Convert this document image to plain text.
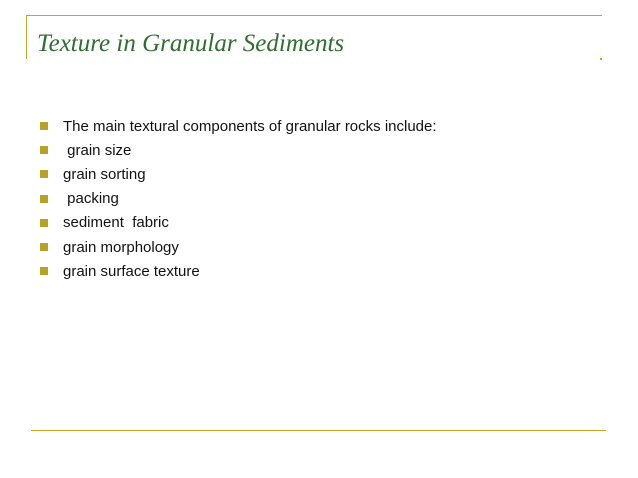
Texture in Granular Sediments
The main textural components of granular rocks include:
grain size
grain sorting
packing
sediment  fabric
grain morphology
grain surface texture
